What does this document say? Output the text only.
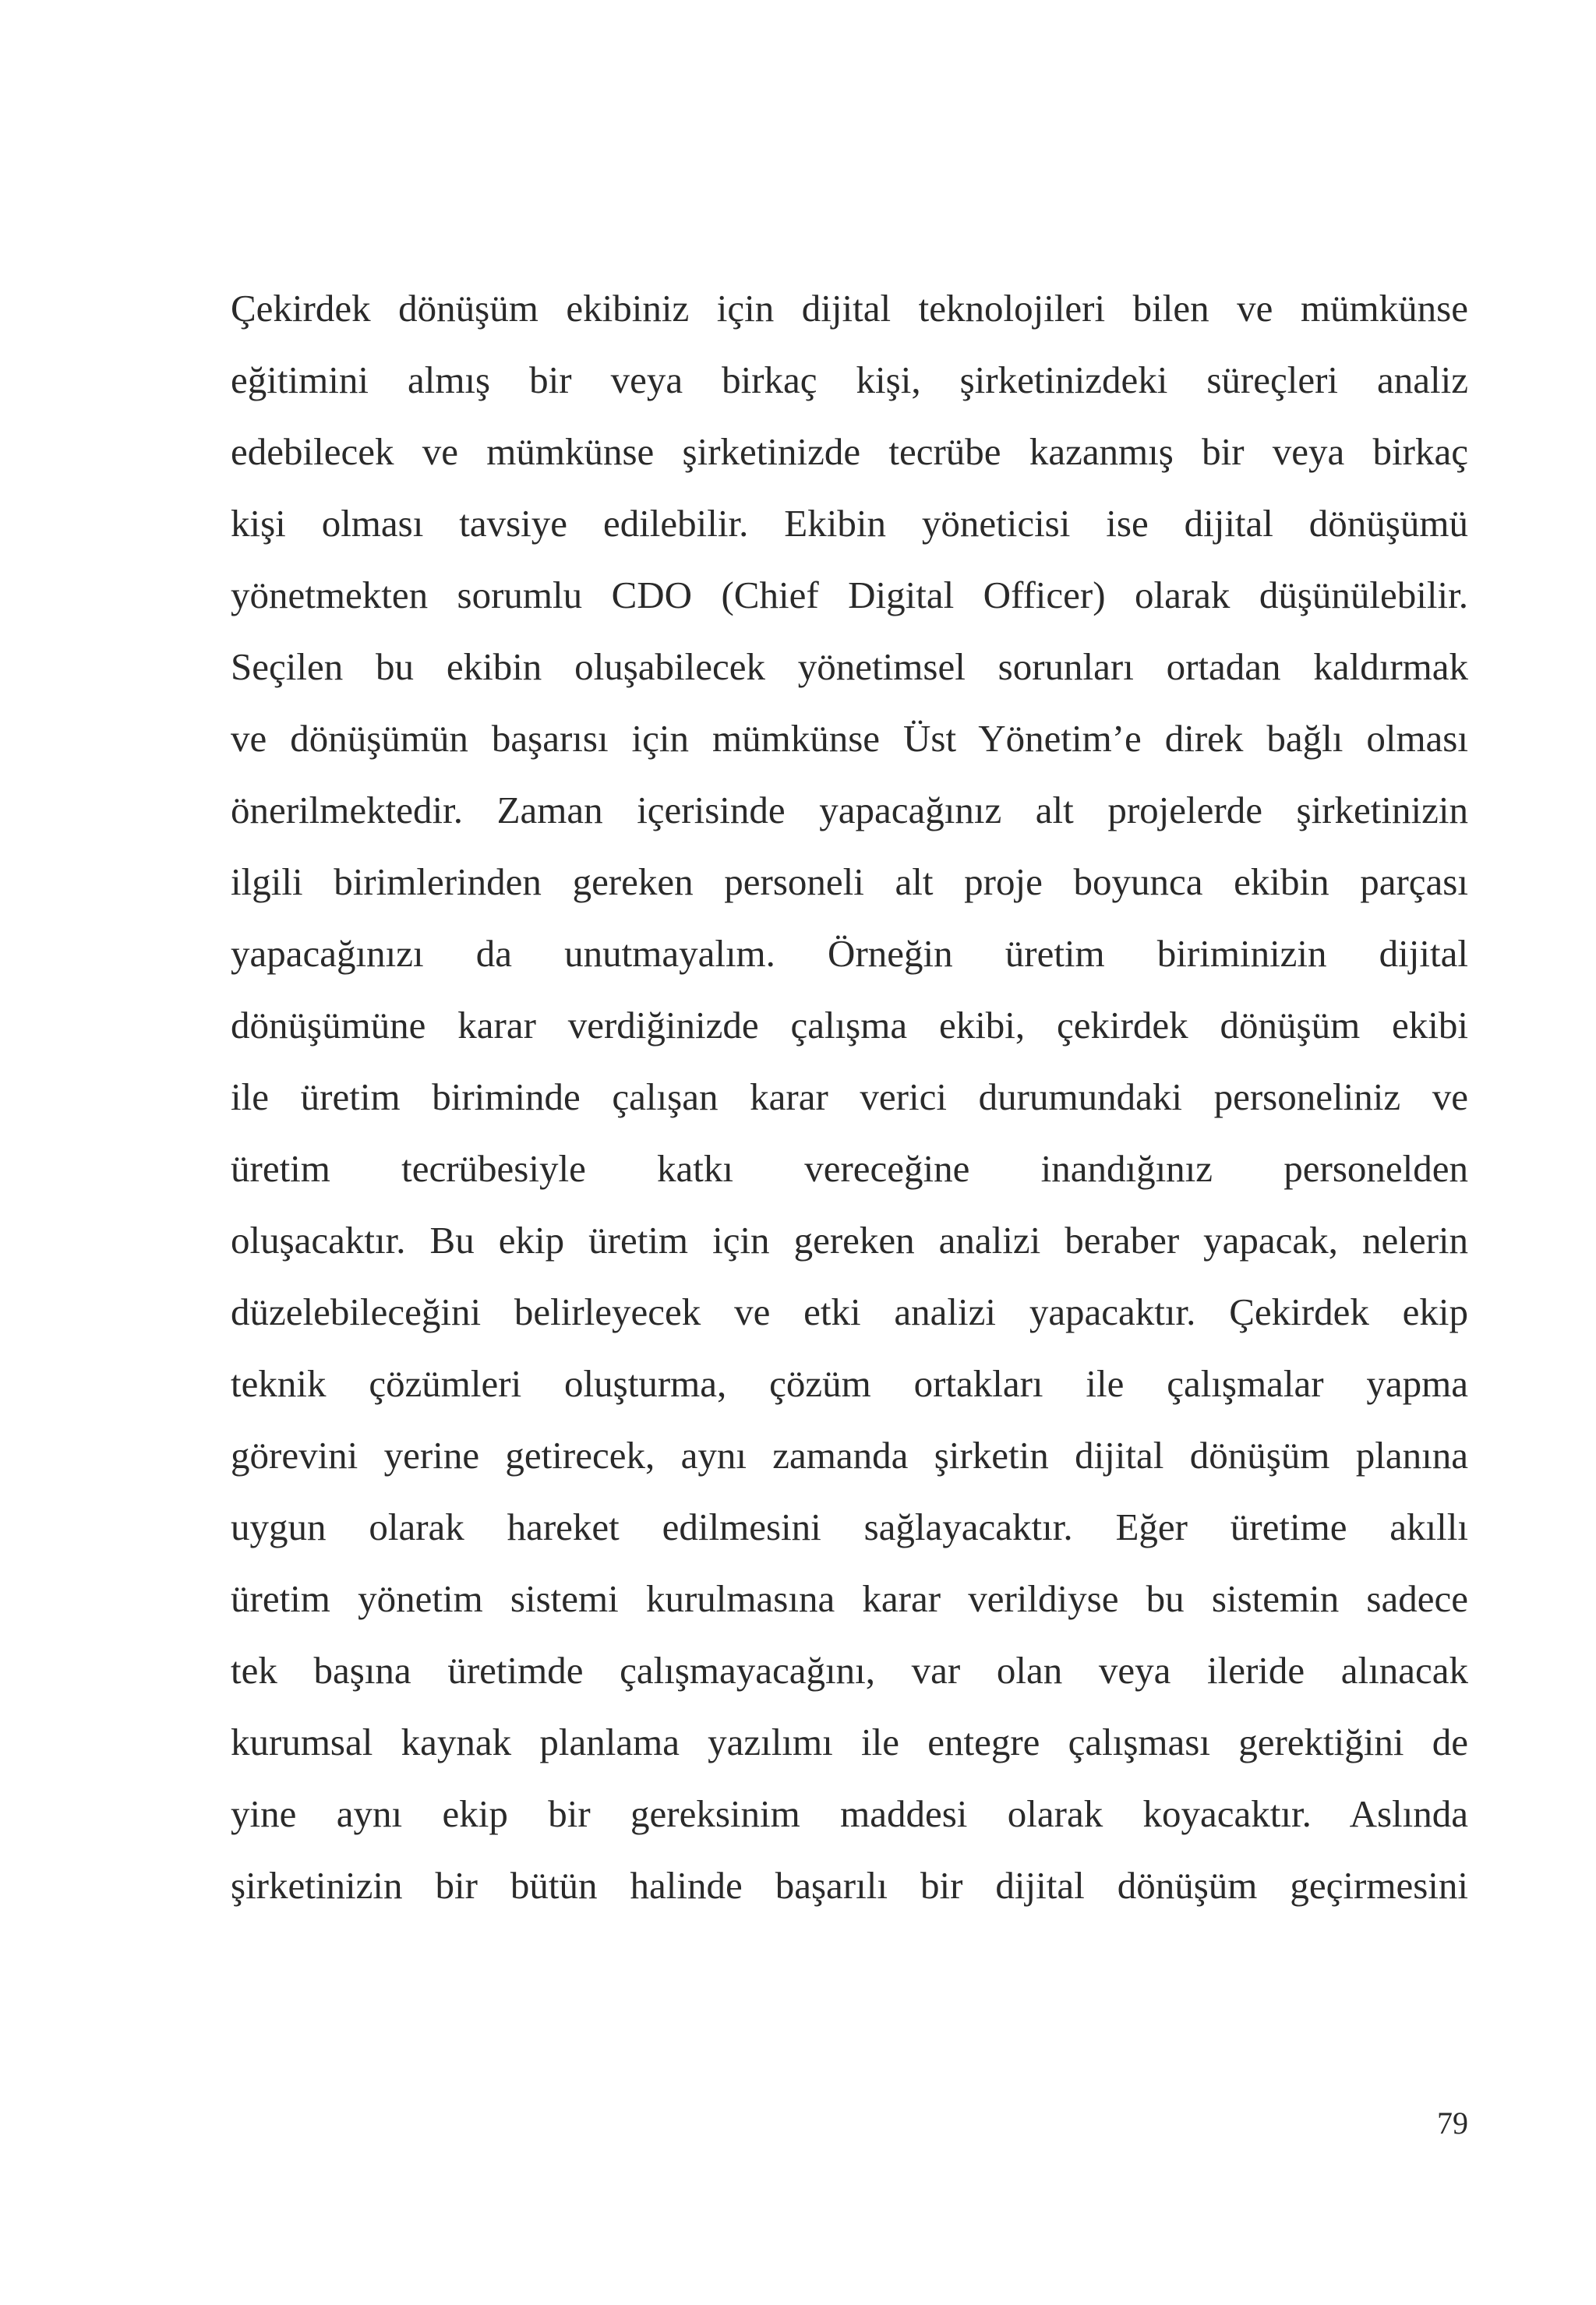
Çekirdek dönüşüm ekibiniz için dijital teknolojileri bilen ve mümkünse
eğitimini almış bir veya birkaç kişi, şirketinizdeki süreçleri analiz
edebilecek ve mümkünse şirketinizde tecrübe kazanmış bir veya birkaç
kişi olması tavsiye edilebilir. Ekibin yöneticisi ise dijital dönüşümü
yönetmekten sorumlu CDO (Chief Digital Officer) olarak düşünülebilir.
Seçilen bu ekibin oluşabilecek yönetimsel sorunları ortadan kaldırmak
ve dönüşümün başarısı için mümkünse Üst Yönetim’e direk bağlı olması
önerilmektedir. Zaman içerisinde yapacağınız alt projelerde şirketinizin
ilgili birimlerinden gereken personeli alt proje boyunca ekibin parçası
yapacağınızı da unutmayalım. Örneğin üretim biriminizin dijital
dönüşümüne karar verdiğinizde çalışma ekibi, çekirdek dönüşüm ekibi
ile üretim biriminde çalışan karar verici durumundaki personeliniz ve
üretim tecrübesiyle katkı vereceğine inandığınız personelden
oluşacaktır. Bu ekip üretim için gereken analizi beraber yapacak, nelerin
düzelebileceğini belirleyecek ve etki analizi yapacaktır. Çekirdek ekip
teknik çözümleri oluşturma, çözüm ortakları ile çalışmalar yapma
görevini yerine getirecek, aynı zamanda şirketin dijital dönüşüm planına
uygun olarak hareket edilmesini sağlayacaktır. Eğer üretime akıllı
üretim yönetim sistemi kurulmasına karar verildiyse bu sistemin sadece
tek başına üretimde çalışmayacağını, var olan veya ileride alınacak
kurumsal kaynak planlama yazılımı ile entegre çalışması gerektiğini de
yine aynı ekip bir gereksinim maddesi olarak koyacaktır. Aslında
şirketinizin bir bütün halinde başarılı bir dijital dönüşüm geçirmesini
79
